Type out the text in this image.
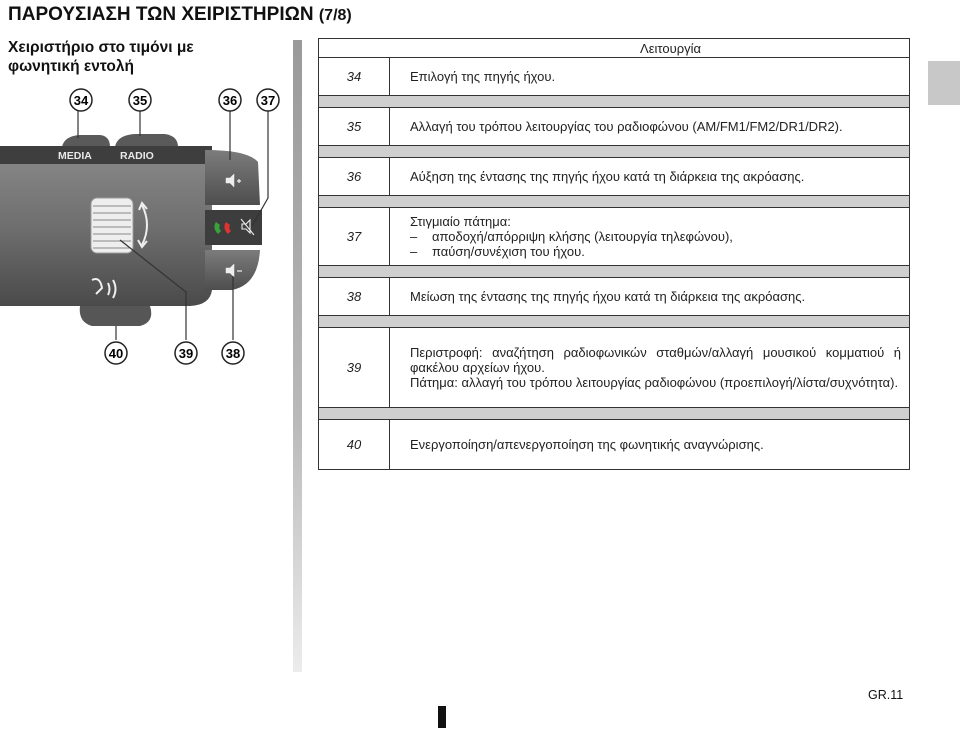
ΠΑΡΟΥΣΙΑΣΗ ΤΩΝ ΧΕΙΡΙΣΤΗΡΙΩΝ (7/8)
Χειριστήριο στο τιμόνι με φωνητική εντολή
MEDIA	RADIO
34	35	36 37
40	39	38
Λειτουργία	
34	Επιλογή της πηγής ήχου.

35	Αλλαγή του τρόπου λειτουργίας του ραδιοφώνου (AM/FM1/FM2/DR1/DR2).

36	Αύξηση της έντασης της πηγής ήχου κατά τη διάρκεια της ακρόασης.

37	Στιγμιαίο πάτημα:
– αποδοχή/απόρριψη κλήσης (λειτουργία τηλεφώνου),
– παύση/συνέχιση του ήχου.

38	Μείωση της έντασης της πηγής ήχου κατά τη διάρκεια της ακρόασης.

39	Περιστροφή: αναζήτηση ραδιοφωνικών σταθμών/αλλαγή μουσικού κομματιού ή φακέλου αρχείων ήχου.
Πάτημα: αλλαγή του τρόπου λειτουργίας ραδιοφώνου (προεπιλογή/λίστα/συχνότητα).

40	Ενεργοποίηση/απενεργοποίηση της φωνητικής αναγνώρισης.
GR.11
